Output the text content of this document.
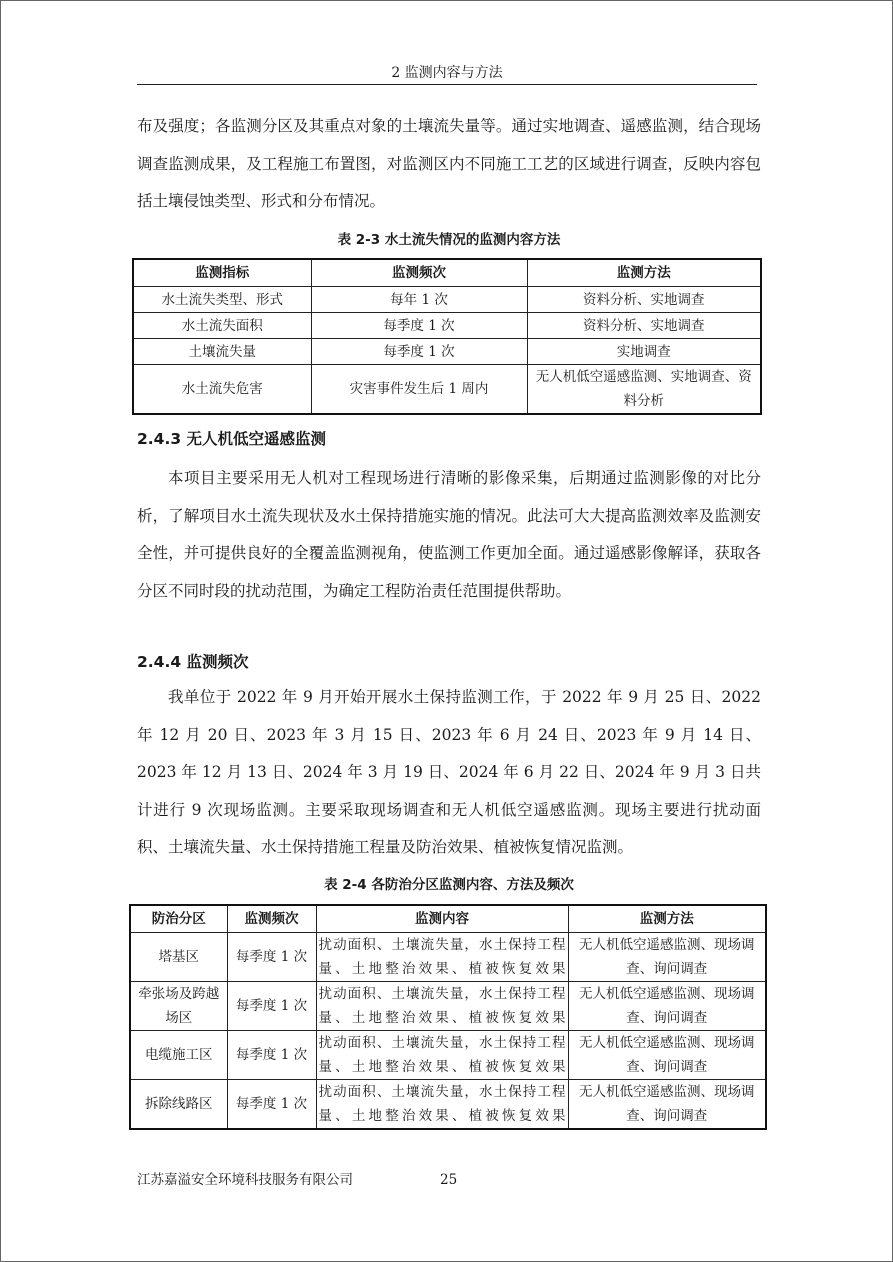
2 监测内容与方法

布及强度；各监测分区及其重点对象的土壤流失量等。通过实地调查、遥感监测，结合现场调查监测成果，及工程施工布置图，对监测区内不同施工工艺的区域进行调查，反映内容包括土壤侵蚀类型、形式和分布情况。

表 2-3 水土流失情况的监测内容方法
监测指标	监测频次	监测方法
水土流失类型、形式	每年 1 次	资料分析、实地调查
水土流失面积	每季度 1 次	资料分析、实地调查
土壤流失量	每季度 1 次	实地调查
水土流失危害	灾害事件发生后 1 周内	无人机低空遥感监测、实地调查、资料分析
2.4.3 无人机低空遥感监测

本项目主要采用无人机对工程现场进行清晰的影像采集，后期通过监测影像的对比分析，了解项目水土流失现状及水土保持措施实施的情况。此法可大大提高监测效率及监测安全性，并可提供良好的全覆盖监测视角，使监测工作更加全面。通过遥感影像解译，获取各分区不同时段的扰动范围，为确定工程防治责任范围提供帮助。

2.4.4 监测频次

我单位于 2022 年 9 月开始开展水土保持监测工作，于 2022 年 9 月 25 日、2022 年 12 月 20 日、2023 年 3 月 15 日、2023 年 6 月 24 日、2023 年 9 月 14 日、2023 年 12 月 13 日、2024 年 3 月 19 日、2024 年 6 月 22 日、2024 年 9 月 3 日共计进行 9 次现场监测。主要采取现场调查和无人机低空遥感监测。现场主要进行扰动面积、土壤流失量、水土保持措施工程量及防治效果、植被恢复情况监测。

表 2-4 各防治分区监测内容、方法及频次
防治分区	监测频次	监测内容	监测方法
塔基区	每季度 1 次	扰动面积、土壤流失量，水土保持工程量、土地整治效果、植被恢复效果	无人机低空遥感监测、现场调查、询问调查
牵张场及跨越场区	每季度 1 次	扰动面积、土壤流失量，水土保持工程量、土地整治效果、植被恢复效果	无人机低空遥感监测、现场调查、询问调查
电缆施工区	每季度 1 次	扰动面积、土壤流失量，水土保持工程量、土地整治效果、植被恢复效果	无人机低空遥感监测、现场调查、询问调查
拆除线路区	每季度 1 次	扰动面积、土壤流失量，水土保持工程量、土地整治效果、植被恢复效果	无人机低空遥感监测、现场调查、询问调查
江苏嘉溢安全环境科技服务有限公司	25
